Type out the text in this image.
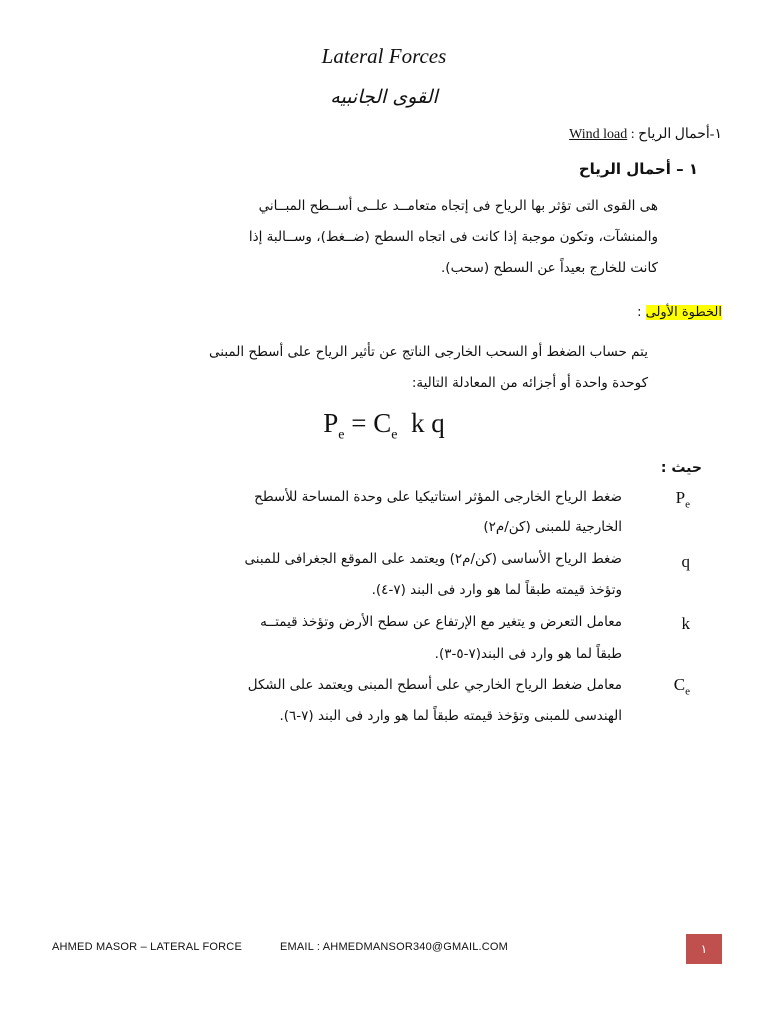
Lateral Forces
القوى الجانبيه
١-أحمال الرياح : Wind load
١ – أحمال الرياح
هى القوى التى تؤثر بها الرياح فى إتجاه متعامــد علــى أســطح المبــاني
والمنشآت، وتكون موجبة إذا كانت فى اتجاه السطح (ضــغط)، وســالبة إذا
كانت للخارج بعيداً عن السطح (سحب).
الخطوة الأولى :
يتم حساب الضغط أو السحب الخارجى الناتج عن تأثير الرياح على أسطح المبنى
كوحدة واحدة أو أجزائه من المعادلة التالية:
$P_e = C_e$  k q
حيث :
$P_e$
ضغط الرياح الخارجى المؤثر استاتيكيا على وحدة المساحة للأسطح
الخارجية للمبنى (كن/م٢)
q
ضغط الرياح الأساسى (كن/م٢) ويعتمد على الموقع الجغرافى للمبنى
وتؤخذ قيمته طبقاً لما هو وارد فى البند (٧-٤).
k
معامل التعرض و يتغير مع الإرتفاع عن سطح الأرض وتؤخذ قيمتــه
طبقاً لما هو وارد فى البند(٧-٥-٣).
$C_e$
معامل ضغط الرياح الخارجي على أسطح المبنى ويعتمد على الشكل
الهندسى للمبنى وتؤخذ قيمته طبقاً لما هو وارد فى البند (٧-٦).
AHMED MASOR – LATERAL FORCE	EMAIL : AHMEDMANSOR340@GMAIL.COM	١
